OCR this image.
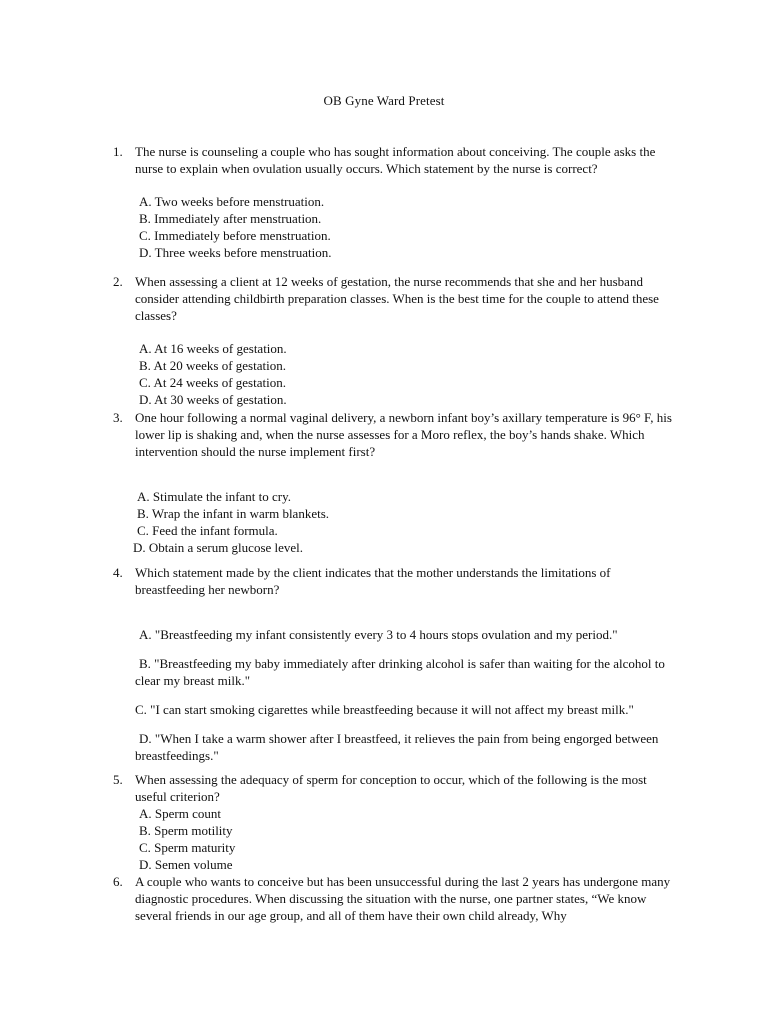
OB Gyne Ward Pretest
1. The nurse is counseling a couple who has sought information about conceiving. The couple asks the nurse to explain when ovulation usually occurs. Which statement by the nurse is correct?
A. Two weeks before menstruation.
B. Immediately after menstruation.
C. Immediately before menstruation.
D. Three weeks before menstruation.
2. When assessing a client at 12 weeks of gestation, the nurse recommends that she and her husband consider attending childbirth preparation classes. When is the best time for the couple to attend these classes?
A. At 16 weeks of gestation.
B. At 20 weeks of gestation.
C. At 24 weeks of gestation.
D. At 30 weeks of gestation.
3. One hour following a normal vaginal delivery, a newborn infant boy’s axillary temperature is 96° F, his lower lip is shaking and, when the nurse assesses for a Moro reflex, the boy’s hands shake. Which intervention should the nurse implement first?
A. Stimulate the infant to cry.
B. Wrap the infant in warm blankets.
C. Feed the infant formula.
D. Obtain a serum glucose level.
4. Which statement made by the client indicates that the mother understands the limitations of breastfeeding her newborn?
A. "Breastfeeding my infant consistently every 3 to 4 hours stops ovulation and my period."
B. "Breastfeeding my baby immediately after drinking alcohol is safer than waiting for the alcohol to clear my breast milk."
C. "I can start smoking cigarettes while breastfeeding because it will not affect my breast milk."
D. "When I take a warm shower after I breastfeed, it relieves the pain from being engorged between breastfeedings."
5. When assessing the adequacy of sperm for conception to occur, which of the following is the most useful criterion?
A. Sperm count
B. Sperm motility
C. Sperm maturity
D. Semen volume
6. A couple who wants to conceive but has been unsuccessful during the last 2 years has undergone many diagnostic procedures. When discussing the situation with the nurse, one partner states, “We know several friends in our age group, and all of them have their own child already, Why
